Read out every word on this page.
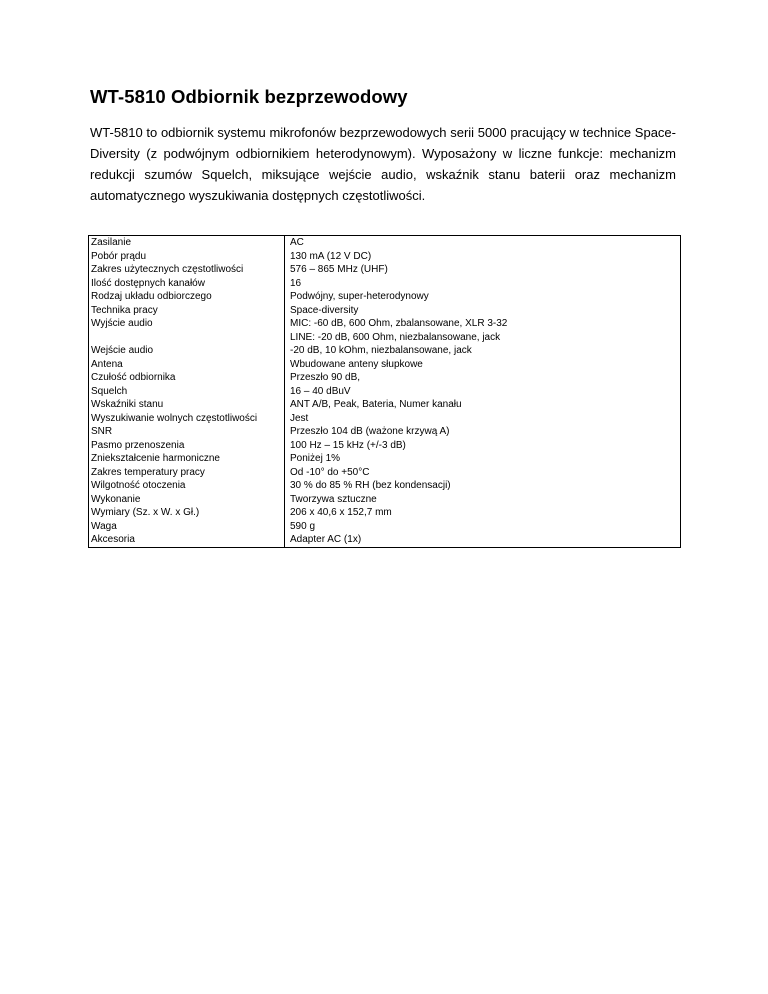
WT-5810 Odbiornik bezprzewodowy

WT-5810 to odbiornik systemu mikrofonów bezprzewodowych serii 5000 pracujący w technice Space-Diversity (z podwójnym odbiornikiem heterodynowym). Wyposażony w liczne funkcje: mechanizm redukcji szumów Squelch, miksujące wejście audio, wskaźnik stanu baterii oraz mechanizm automatycznego wyszukiwania dostępnych częstotliwości.

Zasilanie	AC
Pobór prądu	130 mA (12 V DC)
Zakres użytecznych częstotliwości	576 – 865 MHz (UHF)
Ilość dostępnych kanałów	16
Rodzaj układu odbiorczego	Podwójny, super-heterodynowy
Technika pracy	Space-diversity
Wyjście audio	MIC: -60 dB, 600 Ohm, zbalansowane, XLR 3-32
LINE: -20 dB, 600 Ohm, niezbalansowane, jack

Wejście audio	-20 dB, 10 kOhm, niezbalansowane, jack
Antena	Wbudowane anteny słupkowe
Czułość odbiornika	Przeszło 90 dB,
Squelch	16 – 40 dBuV
Wskaźniki stanu	ANT A/B, Peak, Bateria, Numer kanału
Wyszukiwanie wolnych częstotliwości	Jest
SNR	Przeszło 104 dB (ważone krzywą A)
Pasmo przenoszenia	100 Hz – 15 kHz (+/-3 dB)
Zniekształcenie harmoniczne	Poniżej 1%
Zakres temperatury pracy	Od -10° do +50°C
Wilgotność otoczenia	30 % do 85 % RH (bez kondensacji)
Wykonanie	Tworzywa sztuczne
Wymiary (Sz. x W. x Gł.)	206 x 40,6 x 152,7 mm
Waga	590 g
Akcesoria	Adapter AC (1x)
